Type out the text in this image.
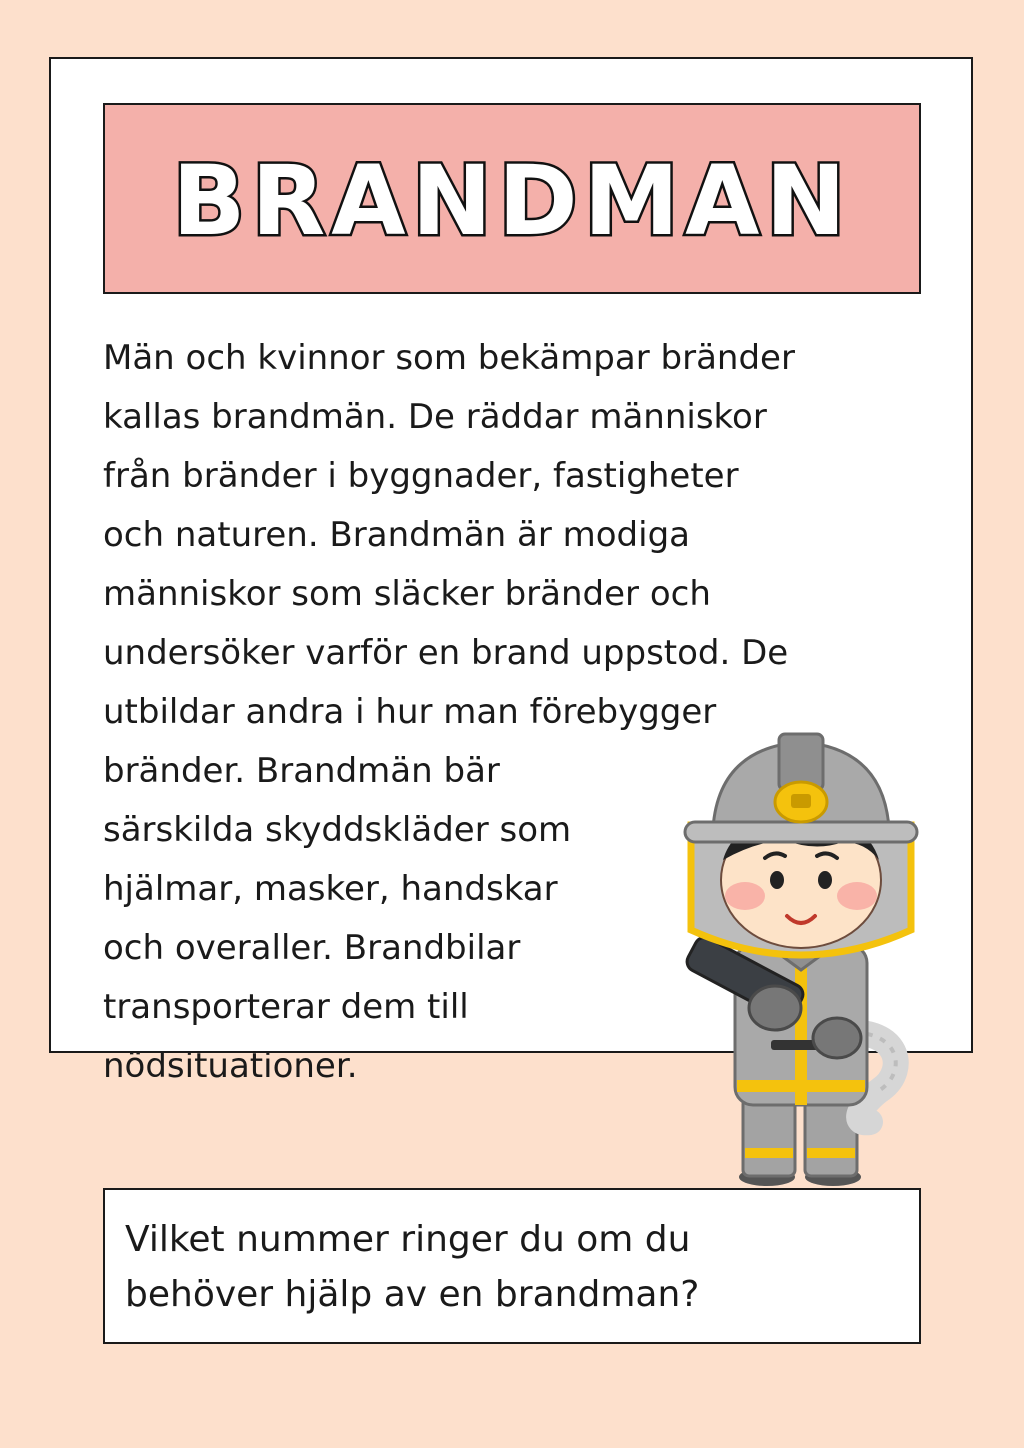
BRANDMAN
Män och kvinnor som bekämpar bränder
kallas brandmän. De räddar människor
från bränder i byggnader, fastigheter
och naturen. Brandmän är modiga
människor som släcker bränder och
undersöker varför en brand uppstod. De
utbildar andra i hur man förebygger
bränder. Brandmän bär
särskilda skyddskläder som
hjälmar, masker, handskar
och overaller. Brandbilar
transporterar dem till
nödsituationer.

Vilket nummer ringer du om du
behöver hjälp av en brandman?
